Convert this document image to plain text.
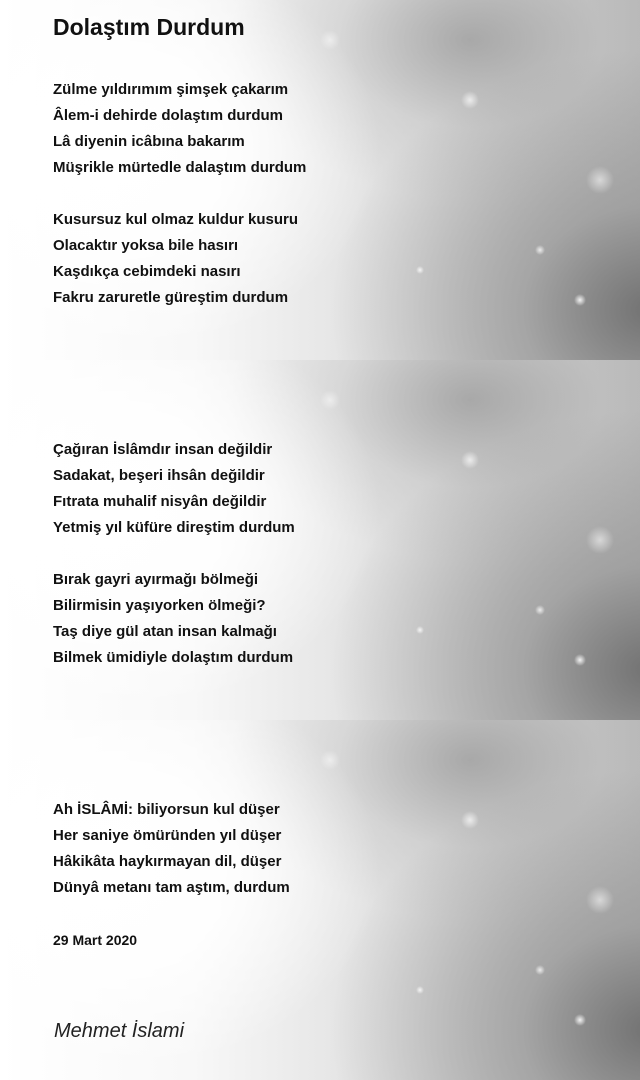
Dolaştım Durdum
Zülme yıldırımım şimşek çakarım
Âlem-i dehirde dolaştım durdum
Lâ diyenin icâbına bakarım
Müşrikle mürtedle dalaştım durdum
Kusursuz kul olmaz kuldur kusuru
Olacaktır yoksa bile hasırı
Kaşdıkça cebimdeki nasırı
Fakru zaruretle güreştim durdum
Çağıran İslâmdır insan değildir
Sadakat, beşeri ihsân değildir
Fıtrata muhalif nisyân değildir
Yetmiş yıl küfüre direştim durdum
Bırak gayri ayırmağı bölmeği
Bilirmisin yaşıyorken ölmeği?
Taş diye gül atan insan kalmağı
Bilmek ümidiyle dolaştım durdum
Ah İSLÂMİ: biliyorsun kul düşer
Her saniye ömüründen yıl düşer
Hâkikâta haykırmayan dil, düşer
Dünyâ metanı tam aştım, durdum

29 Mart 2020

Mehmet İslami
